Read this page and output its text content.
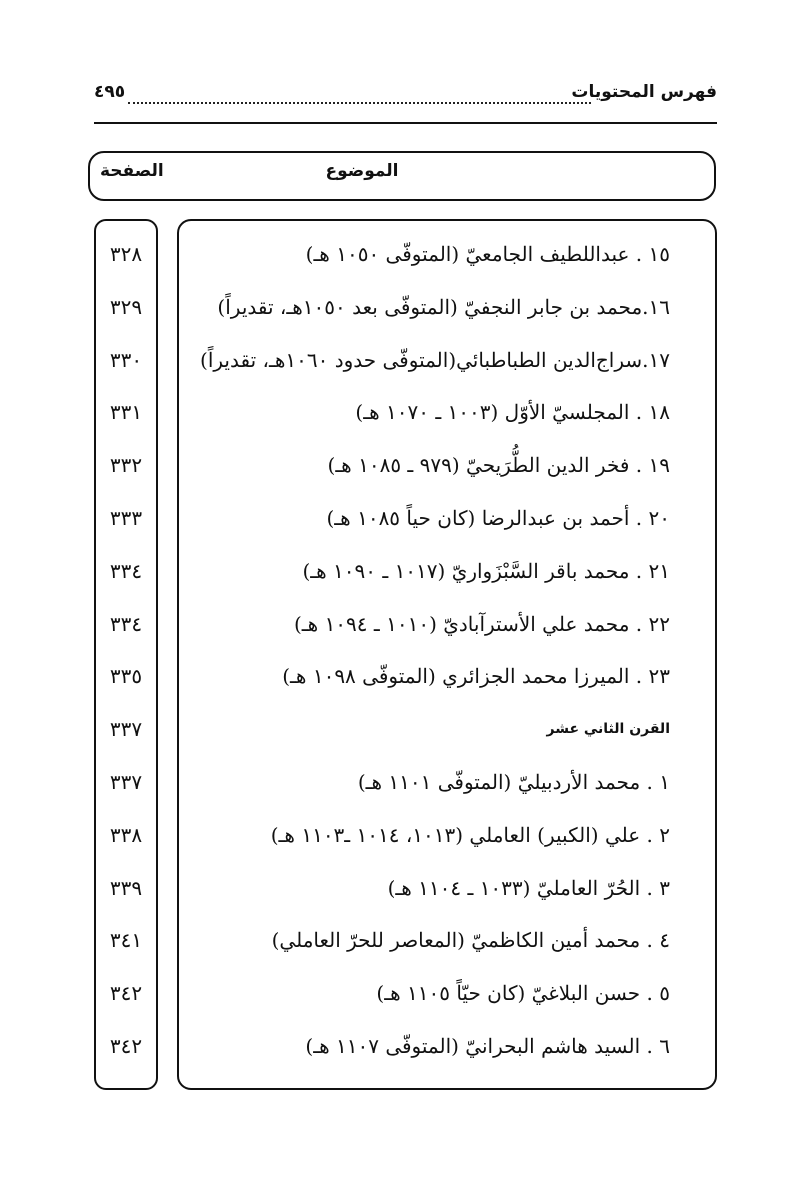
فهرس المحتويات
٤٩٥
الموضوع
الصفحة
١٥ . عبداللطيف الجامعيّ (المتوفّى ١٠٥٠ هـ)
٣٢٨
١٦.محمد بن جابر النجفيّ (المتوفّى بعد ١٠٥٠هـ، تقديراً)
٣٢٩
١٧.سراج‌الدين الطباطبائي(المتوفّى حدود ١٠٦٠هـ، تقديراً)
٣٣٠
١٨ . المجلسيّ الأوّل (١٠٠٣ ـ ١٠٧٠ هـ)
٣٣١
١٩ . فخر الدين الطُّرَيحيّ (٩٧٩ ـ ١٠٨٥ هـ)
٣٣٢
٢٠ . أحمد بن عبدالرضا (كان حياً ١٠٨٥ هـ)
٣٣٣
٢١ . محمد باقر السَّبْزَواريّ (١٠١٧ ـ ١٠٩٠ هـ)
٣٣٤
٢٢ . محمد علي الأسترآباديّ (١٠١٠ ـ ١٠٩٤ هـ)
٣٣٤
٢٣ . الميرزا محمد الجزائري (المتوفّى ١٠٩٨ هـ)
٣٣٥
القرن الثاني عشر
٣٣٧
١ . محمد الأردبيليّ (المتوفّى ١١٠١ هـ)
٣٣٧
٢ . علي (الكبير) العاملي (١٠١٣، ١٠١٤ ـ١١٠٣ هـ)
٣٣٨
٣ . الحُرّ العامليّ (١٠٣٣ ـ ١١٠٤ هـ)
٣٣٩
٤ . محمد أمين الكاظميّ (المعاصر للحرّ العاملي)
٣٤١
٥ . حسن البلاغيّ (كان حيّاً ١١٠٥ هـ)
٣٤٢
٦ . السيد هاشم البحرانيّ (المتوفّى ١١٠٧ هـ)
٣٤٢
